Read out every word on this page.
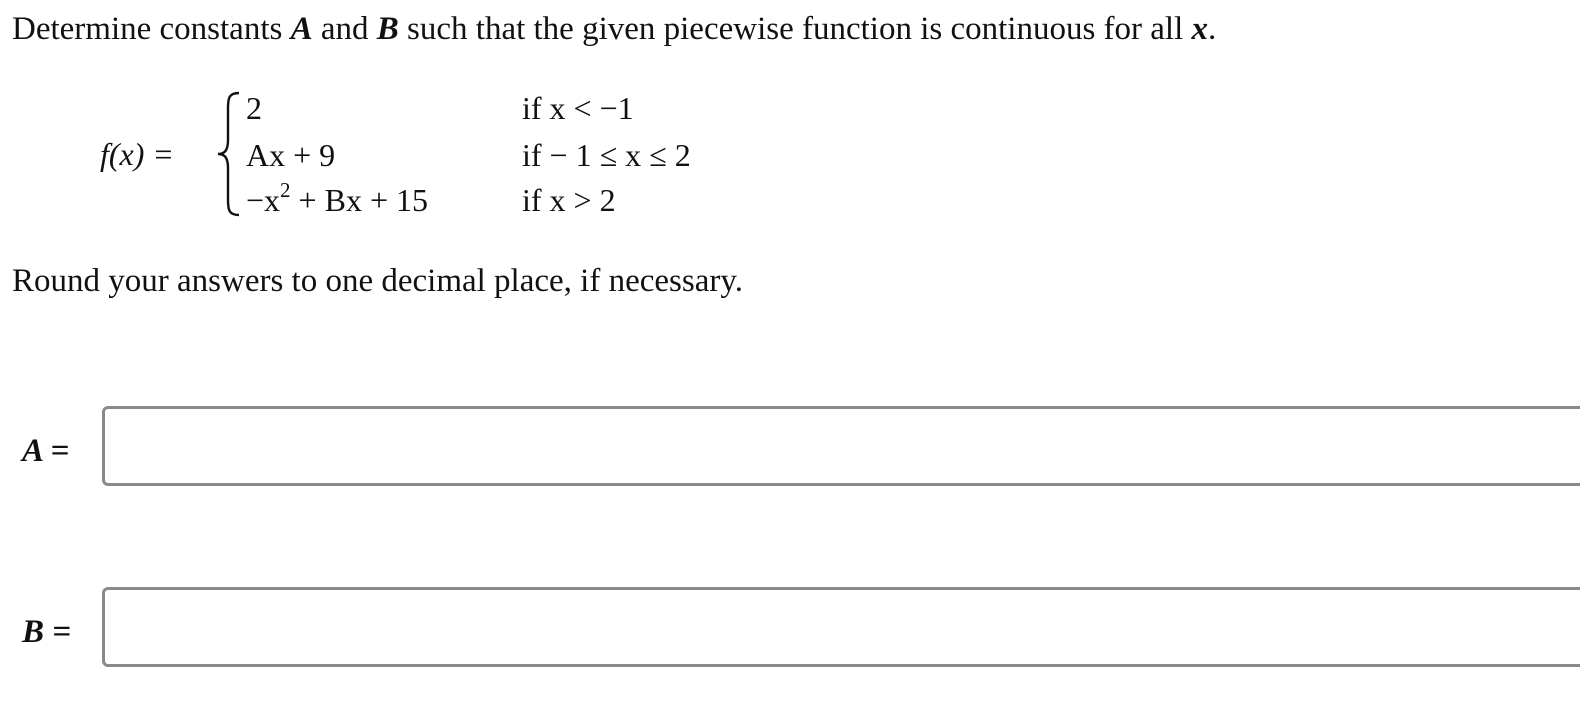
Determine constants A and B such that the given piecewise function is continuous for all x.
f(x) =
2	if x < −1
Ax + 9	if − 1 ≤ x ≤ 2
$-x^2 + Bx + 15$	if x > 2
Round your answers to one decimal place, if necessary.
A =
B =
